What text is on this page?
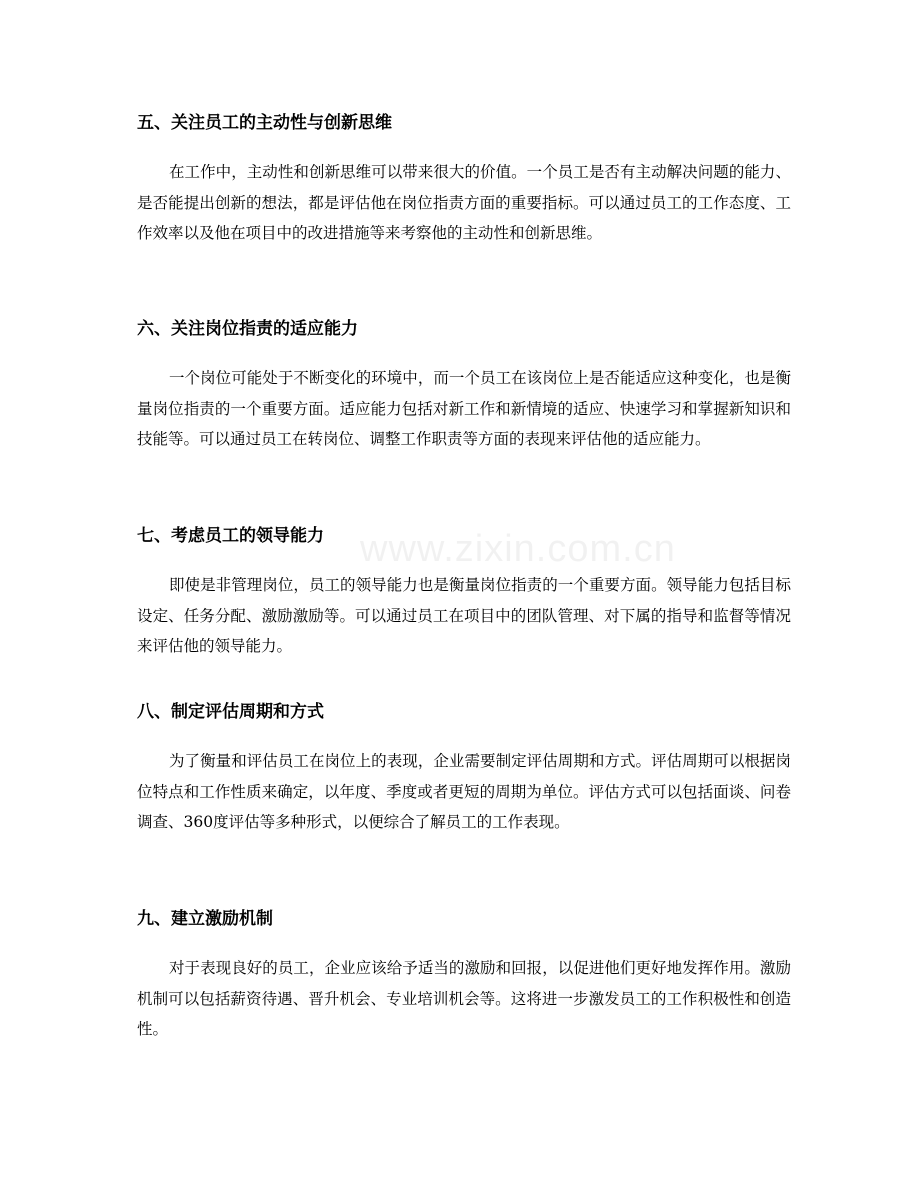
www.zixin.com.cn
五、关注员工的主动性与创新思维

在工作中，主动性和创新思维可以带来很大的价值。一个员工是否有主动解决问题的能力、是否能提出创新的想法，都是评估他在岗位指责方面的重要指标。可以通过员工的工作态度、工作效率以及他在项目中的改进措施等来考察他的主动性和创新思维。

六、关注岗位指责的适应能力

一个岗位可能处于不断变化的环境中，而一个员工在该岗位上是否能适应这种变化，也是衡量岗位指责的一个重要方面。适应能力包括对新工作和新情境的适应、快速学习和掌握新知识和技能等。可以通过员工在转岗位、调整工作职责等方面的表现来评估他的适应能力。

七、考虑员工的领导能力

即使是非管理岗位，员工的领导能力也是衡量岗位指责的一个重要方面。领导能力包括目标设定、任务分配、激励激励等。可以通过员工在项目中的团队管理、对下属的指导和监督等情况来评估他的领导能力。

八、制定评估周期和方式

为了衡量和评估员工在岗位上的表现，企业需要制定评估周期和方式。评估周期可以根据岗位特点和工作性质来确定，以年度、季度或者更短的周期为单位。评估方式可以包括面谈、问卷调查、360度评估等多种形式，以便综合了解员工的工作表现。

九、建立激励机制

对于表现良好的员工，企业应该给予适当的激励和回报，以促进他们更好地发挥作用。激励机制可以包括薪资待遇、晋升机会、专业培训机会等。这将进一步激发员工的工作积极性和创造性。
